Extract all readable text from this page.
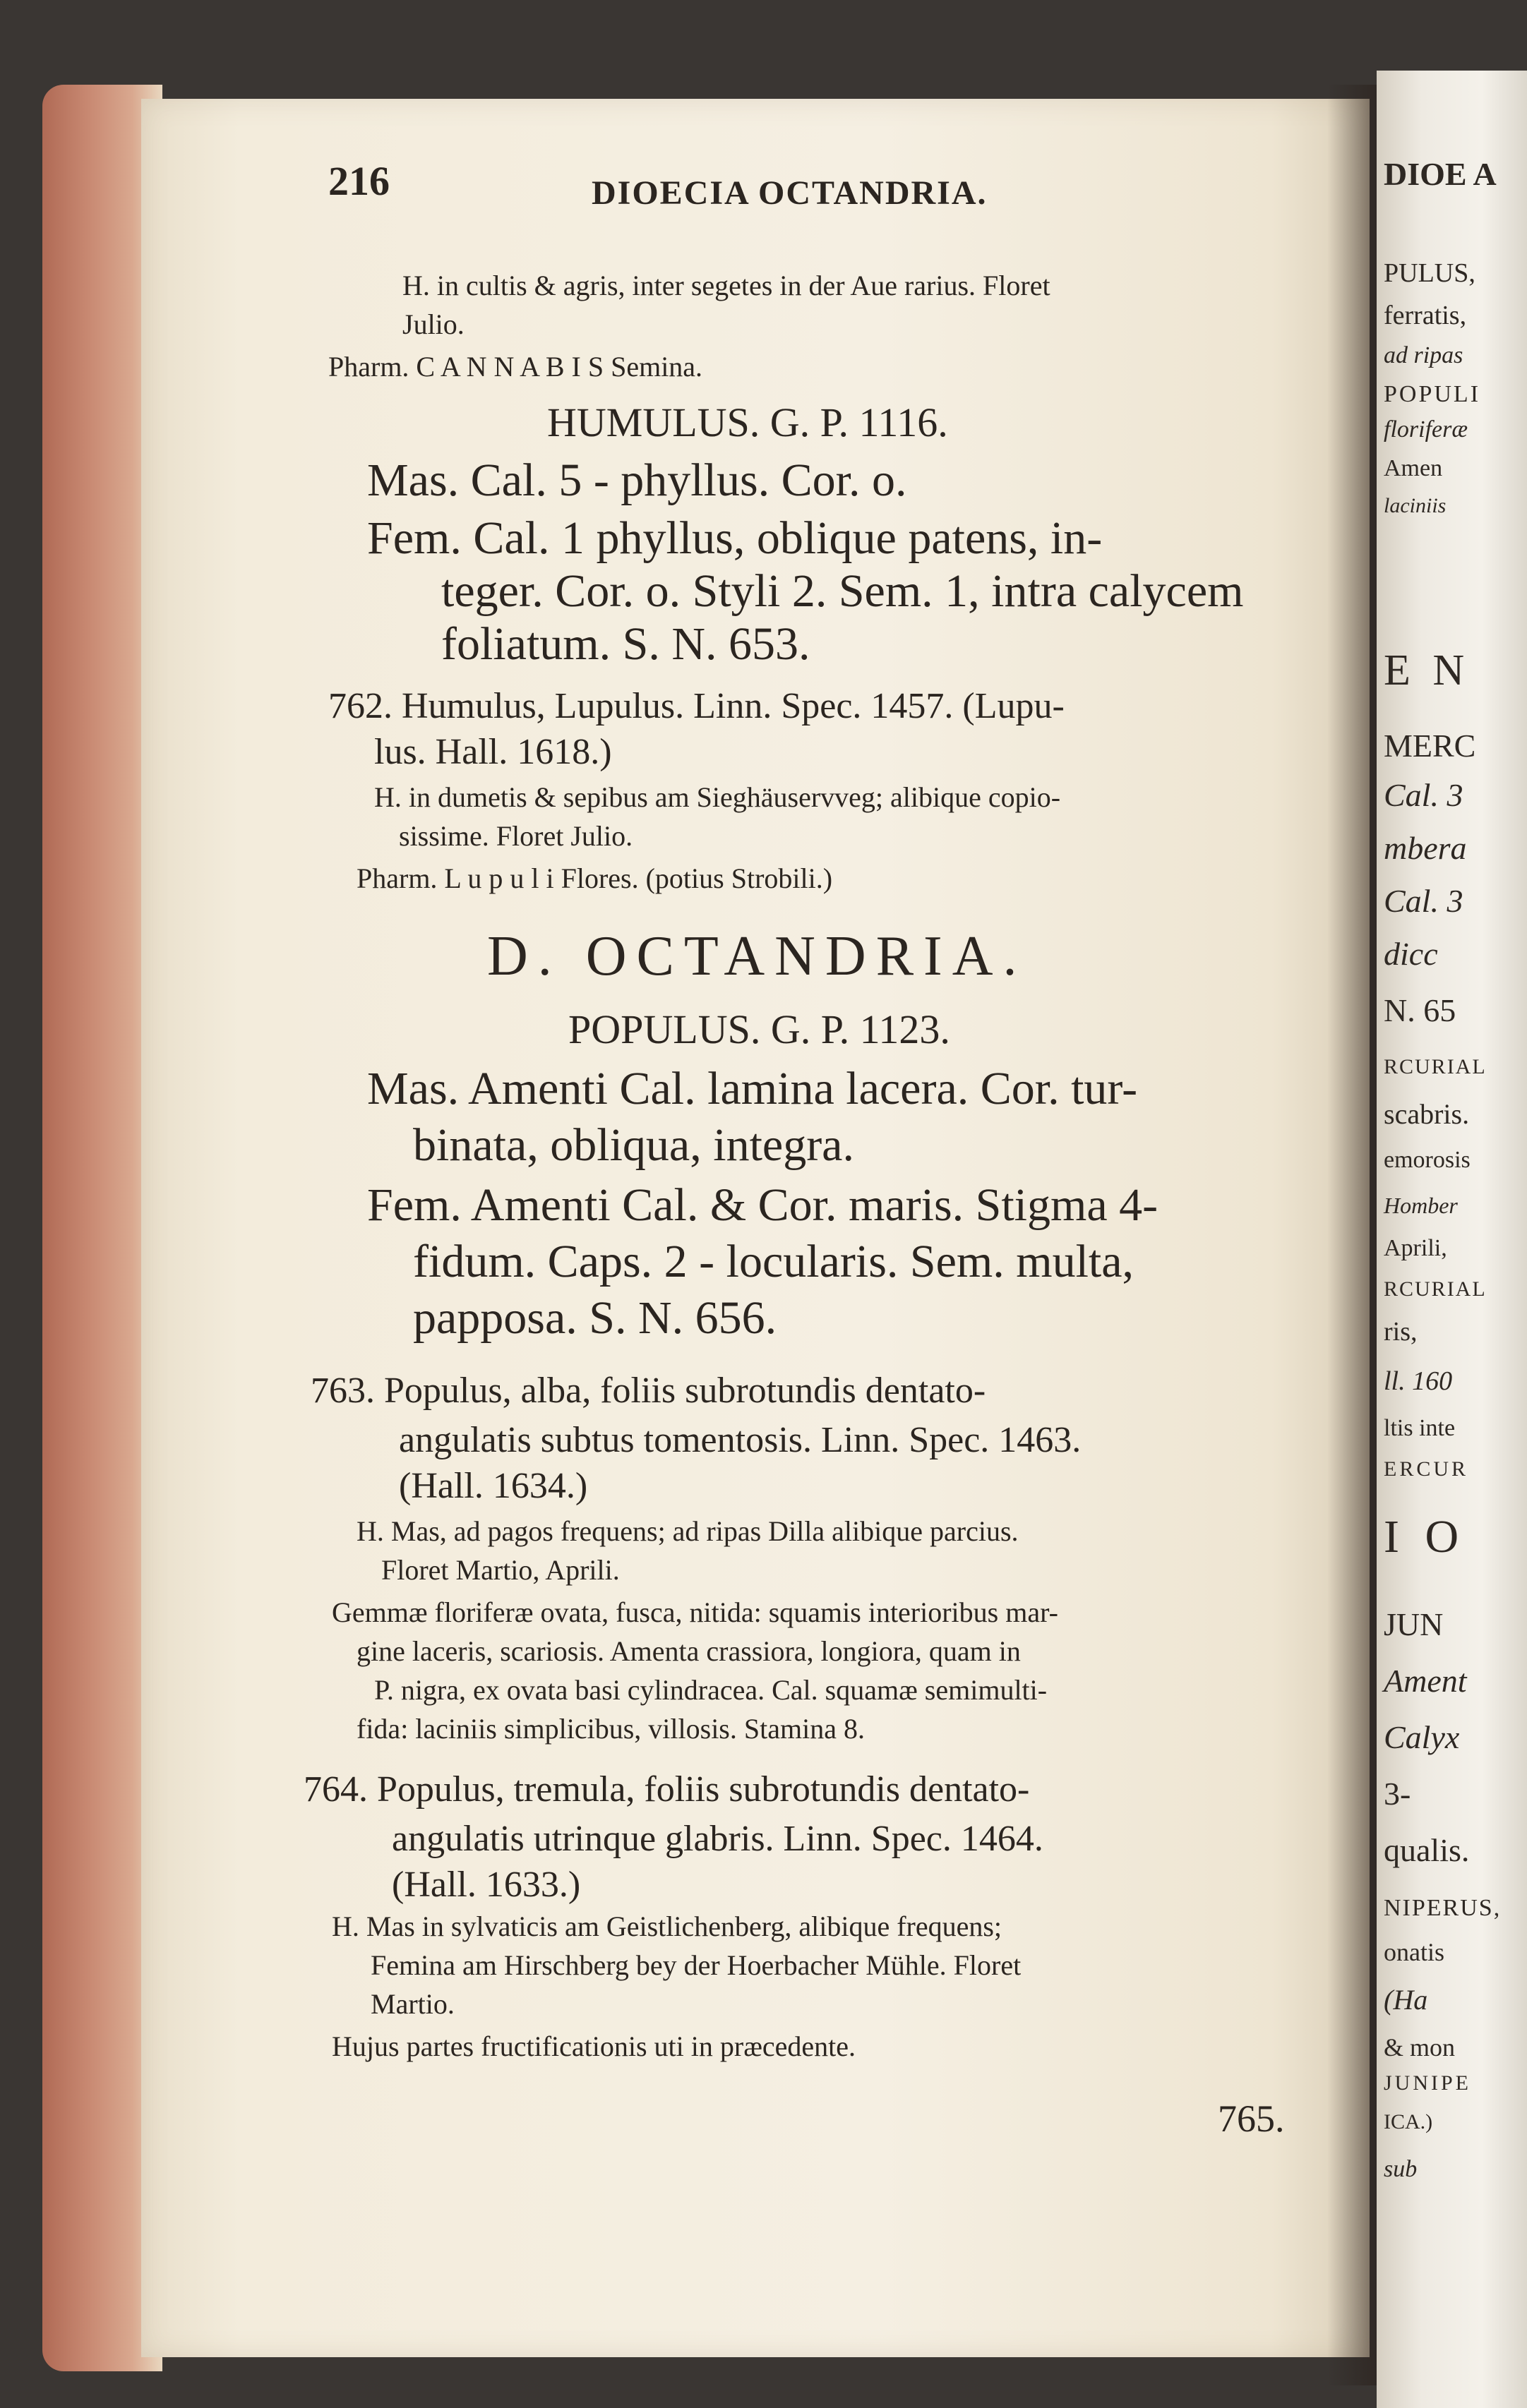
DIOE A
PULUS,
ferratis,
ad ripas
POPULI
floriferæ
Amen
laciniis
E N
MERC
Cal. 3
mbera
Cal. 3
dicc
N. 65
RCURIAL
scabris.
emorosis
Homber
Aprili,
RCURIAL
ris,
ll. 160
ltis inte
ERCUR
I O
JUN
Ament
Calyx
3-
qualis.
NIPERUS,
onatis
(Ha
& mon
JUNIPE
ICA.)
sub
216	DIOECIA OCTANDRIA.
H. in cultis & agris, inter segetes in der Aue rarius. Floret
Julio.
Pharm. C A N N A B I S Semina.
HUMULUS. G. P. 1116.
Mas. Cal. 5 - phyllus. Cor. o.
Fem. Cal. 1 phyllus, oblique patens, in-
teger. Cor. o. Styli 2. Sem. 1, intra calycem
foliatum. S. N. 653.
762. Humulus, Lupulus. Linn. Spec. 1457. (Lupu-
lus. Hall. 1618.)
H. in dumetis & sepibus am Sieghäuservveg; alibique copio-
sissime. Floret Julio.
Pharm. L u p u l i Flores. (potius Strobili.)
D. OCTANDRIA.
POPULUS. G. P. 1123.
Mas. Amenti Cal. lamina lacera. Cor. tur-
binata, obliqua, integra.
Fem. Amenti Cal. & Cor. maris. Stigma 4-
fidum. Caps. 2 - locularis. Sem. multa,
papposa. S. N. 656.
763. Populus, alba, foliis subrotundis dentato-
angulatis subtus tomentosis. Linn. Spec. 1463.
(Hall. 1634.)
H. Mas, ad pagos frequens; ad ripas Dilla alibique parcius.
Floret Martio, Aprili.
Gemmæ floriferæ ovata, fusca, nitida: squamis interioribus mar-
gine laceris, scariosis. Amenta crassiora, longiora, quam in
P. nigra, ex ovata basi cylindracea. Cal. squamæ semimulti-
fida: laciniis simplicibus, villosis. Stamina 8.
764. Populus, tremula, foliis subrotundis dentato-
angulatis utrinque glabris. Linn. Spec. 1464.
(Hall. 1633.)
H. Mas in sylvaticis am Geistlichenberg, alibique frequens;
Femina am Hirschberg bey der Hoerbacher Mühle. Floret
Martio.
Hujus partes fructificationis uti in præcedente.
765.
